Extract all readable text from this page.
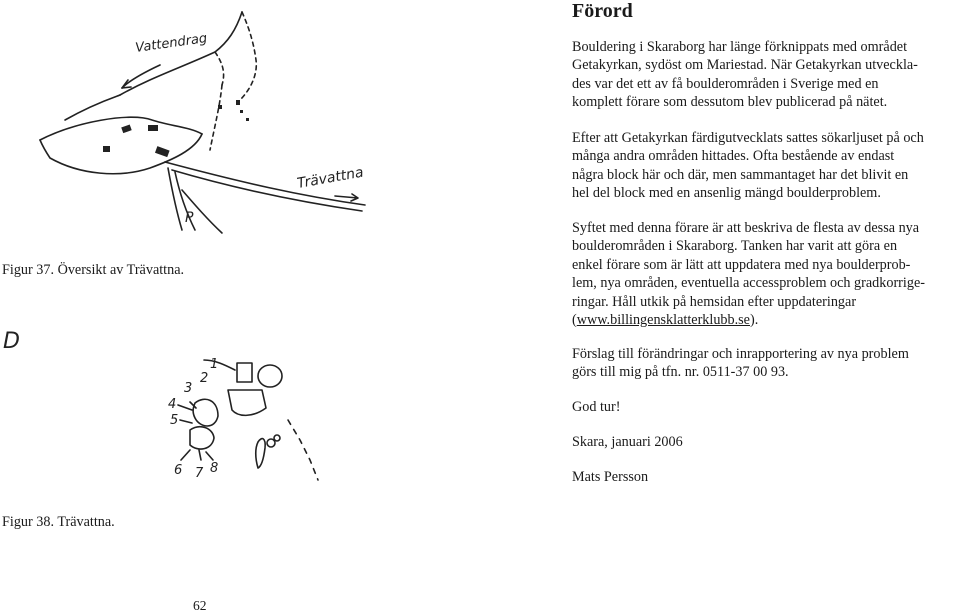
Förord
Bouldering i Skaraborg har länge förknippats med området
Getakyrkan, sydöst om Mariestad. När Getakyrkan utveckla-
des var det ett av få boulderområden i Sverige med en
komplett förare som dessutom blev publicerad på nätet.
Efter att Getakyrkan färdigutvecklats sattes sökarljuset på och
många andra områden hittades. Ofta bestående av endast
några block här och där, men sammantaget har det blivit en
hel del block med en ansenlig mängd boulderproblem.
Syftet med denna förare är att beskriva de flesta av dessa nya
boulderområden i Skaraborg. Tanken har varit att göra en
enkel förare som är lätt att uppdatera med nya boulderprob-
lem, nya områden, eventuella accessproblem och gradkorrige-
ringar. Håll utkik på hemsidan efter uppdateringar
(www.billingensklatterklubb.se).
Förslag till förändringar och inrapportering av nya problem
görs till mig på tfn. nr. 0511-37 00 93.
God tur!
Skara, januari 2006
Mats Persson
Vattendrag
Trävattna
P
Figur 37. Översikt av Trävattna.
D
1
2
3
4
5
6 7 8
Figur 38. Trävattna.
62
